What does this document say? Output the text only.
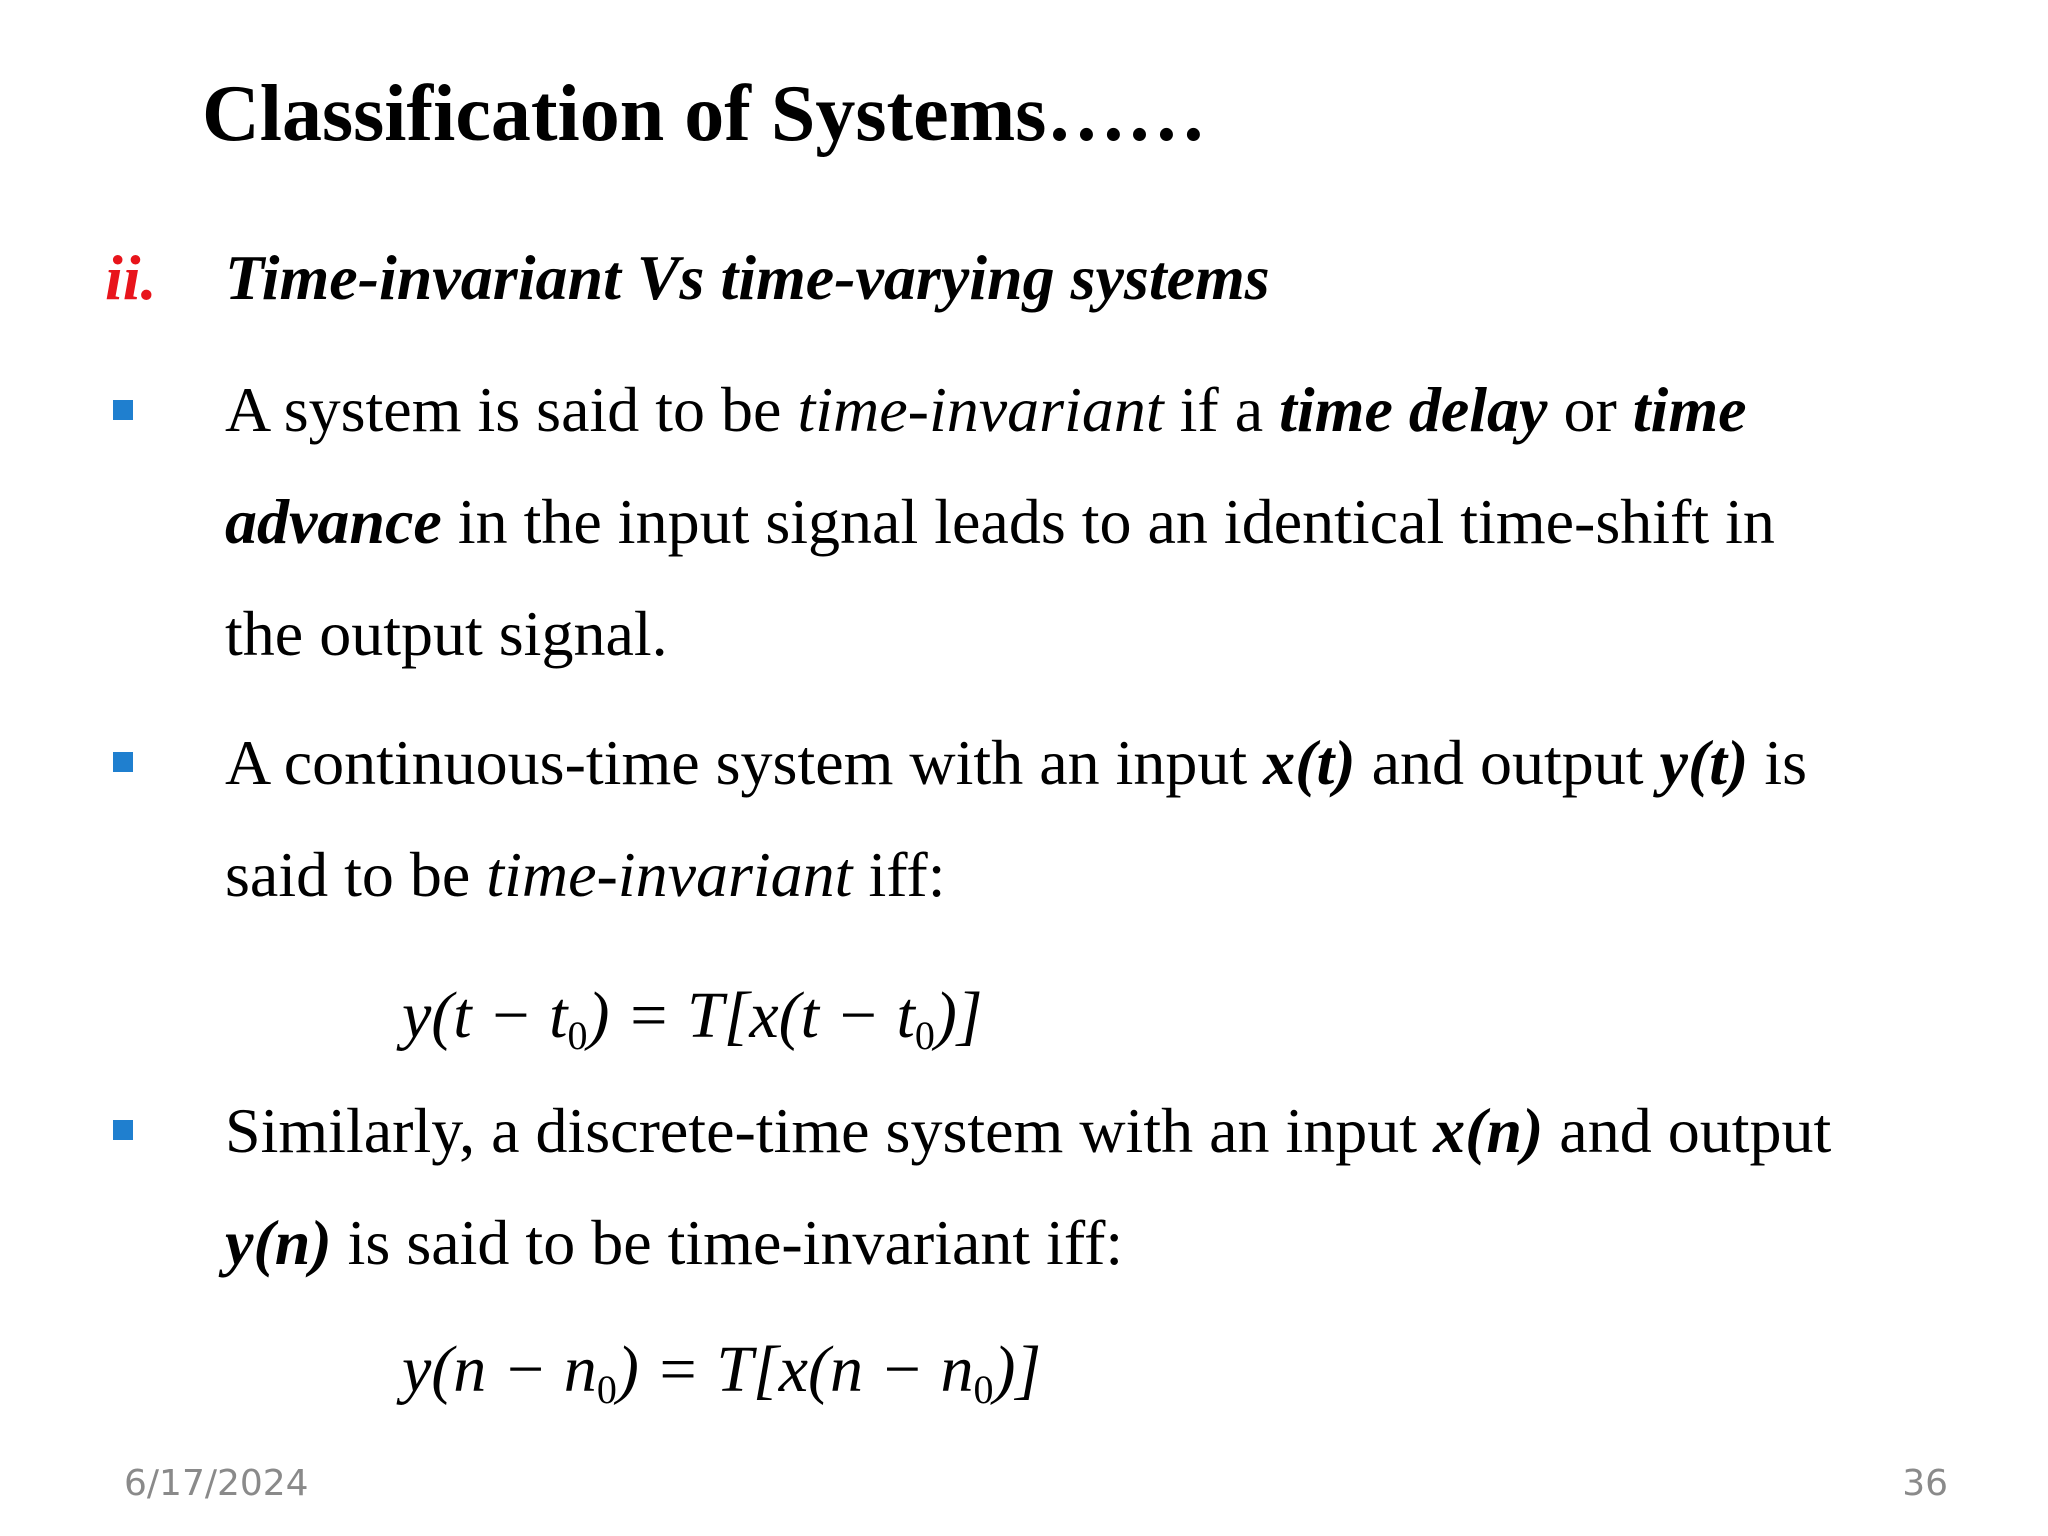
Classification of Systems……
ii. Time-invariant Vs time-varying systems
A system is said to be time-invariant if a time delay or time
advance in the input signal leads to an identical time-shift in
the output signal.
A continuous-time system with an input x(t) and output y(t) is
said to be time-invariant iff:
$y(t - t_0) = T[x(t - t_0)]$
Similarly, a discrete-time system with an input x(n) and output
y(n) is said to be time-invariant iff:
$y(n - n_0) = T[x(n - n_0)]$
6/17/2024	36
